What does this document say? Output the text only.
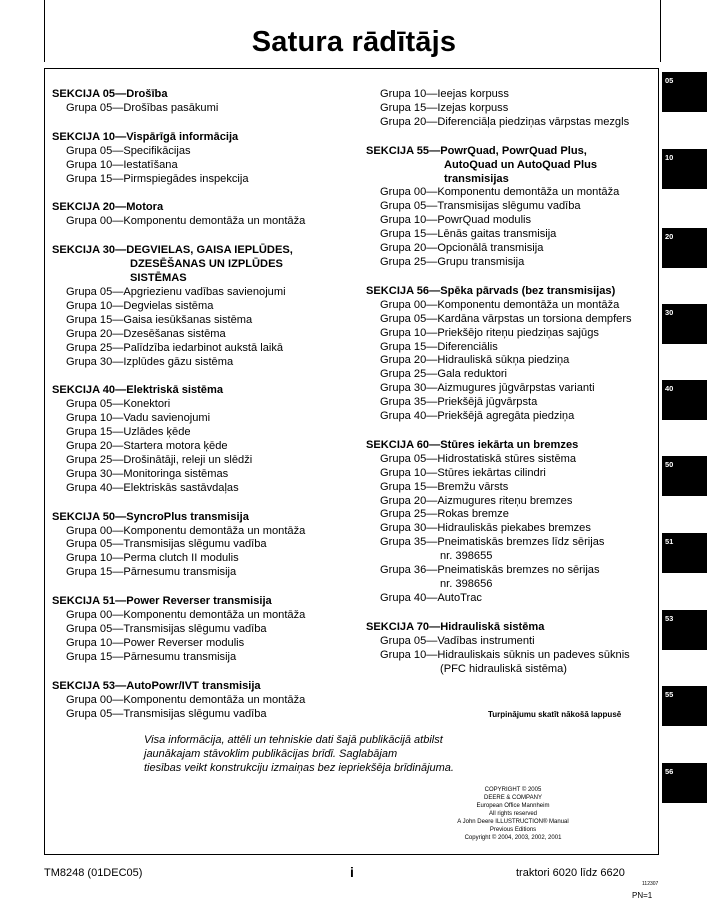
Satura rādītājs
SEKCIJA 05—Drošība
Grupa 05—Drošības pasākumi
SEKCIJA 10—Vispārīgā informācija
Grupa 05—Specifikācijas
Grupa 10—Iestatīšana
Grupa 15—Pirmspiegādes inspekcija
SEKCIJA 20—Motora
Grupa 00—Komponentu demontāža un montāža
SEKCIJA 30—DEGVIELAS, GAISA IEPLŪDES,
DZESĒŠANAS UN IZPLŪDES
SISTĒMAS
Grupa 05—Apgriezienu vadības savienojumi
Grupa 10—Degvielas sistēma
Grupa 15—Gaisa iesūkšanas sistēma
Grupa 20—Dzesēšanas sistēma
Grupa 25—Palīdzība iedarbinot aukstā laikā
Grupa 30—Izplūdes gāzu sistēma
SEKCIJA 40—Elektriskā sistēma
Grupa 05—Konektori
Grupa 10—Vadu savienojumi
Grupa 15—Uzlādes ķēde
Grupa 20—Startera motora ķēde
Grupa 25—Drošinātāji, releji un slēdži
Grupa 30—Monitoringa sistēmas
Grupa 40—Elektriskās sastāvdaļas
SEKCIJA 50—SyncroPlus transmisija
Grupa 00—Komponentu demontāža un montāža
Grupa 05—Transmisijas slēgumu vadība
Grupa 10—Perma clutch II modulis
Grupa 15—Pārnesumu transmisija
SEKCIJA 51—Power Reverser transmisija
Grupa 00—Komponentu demontāža un montāža
Grupa 05—Transmisijas slēgumu vadība
Grupa 10—Power Reverser modulis
Grupa 15—Pārnesumu transmisija
SEKCIJA 53—AutoPowr/IVT transmisija
Grupa 00—Komponentu demontāža un montāža
Grupa 05—Transmisijas slēgumu vadība
Grupa 10—Ieejas korpuss
Grupa 15—Izejas korpuss
Grupa 20—Diferenciāļa piedziņas vārpstas mezgls
SEKCIJA 55—PowrQuad, PowrQuad Plus,
AutoQuad un AutoQuad Plus
transmisijas
Grupa 00—Komponentu demontāža un montāža
Grupa 05—Transmisijas slēgumu vadība
Grupa 10—PowrQuad modulis
Grupa 15—Lēnās gaitas transmisija
Grupa 20—Opcionālā transmisija
Grupa 25—Grupu transmisija
SEKCIJA 56—Spēka pārvads (bez transmisijas)
Grupa 00—Komponentu demontāža un montāža
Grupa 05—Kardāna vārpstas un torsiona dempfers
Grupa 10—Priekšējo riteņu piedziņas sajūgs
Grupa 15—Diferenciālis
Grupa 20—Hidrauliskā sūkņa piedziņa
Grupa 25—Gala reduktori
Grupa 30—Aizmugures jūgvārpstas varianti
Grupa 35—Priekšējā jūgvārpsta
Grupa 40—Priekšējā agregāta piedziņa
SEKCIJA 60—Stūres iekārta un bremzes
Grupa 05—Hidrostatiskā stūres sistēma
Grupa 10—Stūres iekārtas cilindri
Grupa 15—Bremžu vārsts
Grupa 20—Aizmugures riteņu bremzes
Grupa 25—Rokas bremze
Grupa 30—Hidrauliskās piekabes bremzes
Grupa 35—Pneimatiskās bremzes līdz sērijas
nr. 398655
Grupa 36—Pneimatiskās bremzes no sērijas
nr. 398656
Grupa 40—AutoTrac
SEKCIJA 70—Hidrauliskā sistēma
Grupa 05—Vadības instrumenti
Grupa 10—Hidrauliskais sūknis un padeves sūknis
(PFC hidrauliskā sistēma)
05
10
20
30
40
50
51
53
55
56
Turpinājumu skatīt nākošā lappusē
Visa informācija, attēli un tehniskie dati šajā publikācijā atbilst
jaunākajam stāvoklim publikācijas brīdī. Saglabājam
tiesības veikt konstrukciju izmaiņas bez iepriekšēja brīdinājuma.
COPYRIGHT © 2005
DEERE & COMPANY
European Office Mannheim
All rights reserved
A John Deere ILLUSTRUCTION® Manual
Previous Editions
Copyright © 2004, 2003, 2002, 2001
TM8248 (01DEC05)	i	traktori 6020 līdz 6620
112307
PN=1
